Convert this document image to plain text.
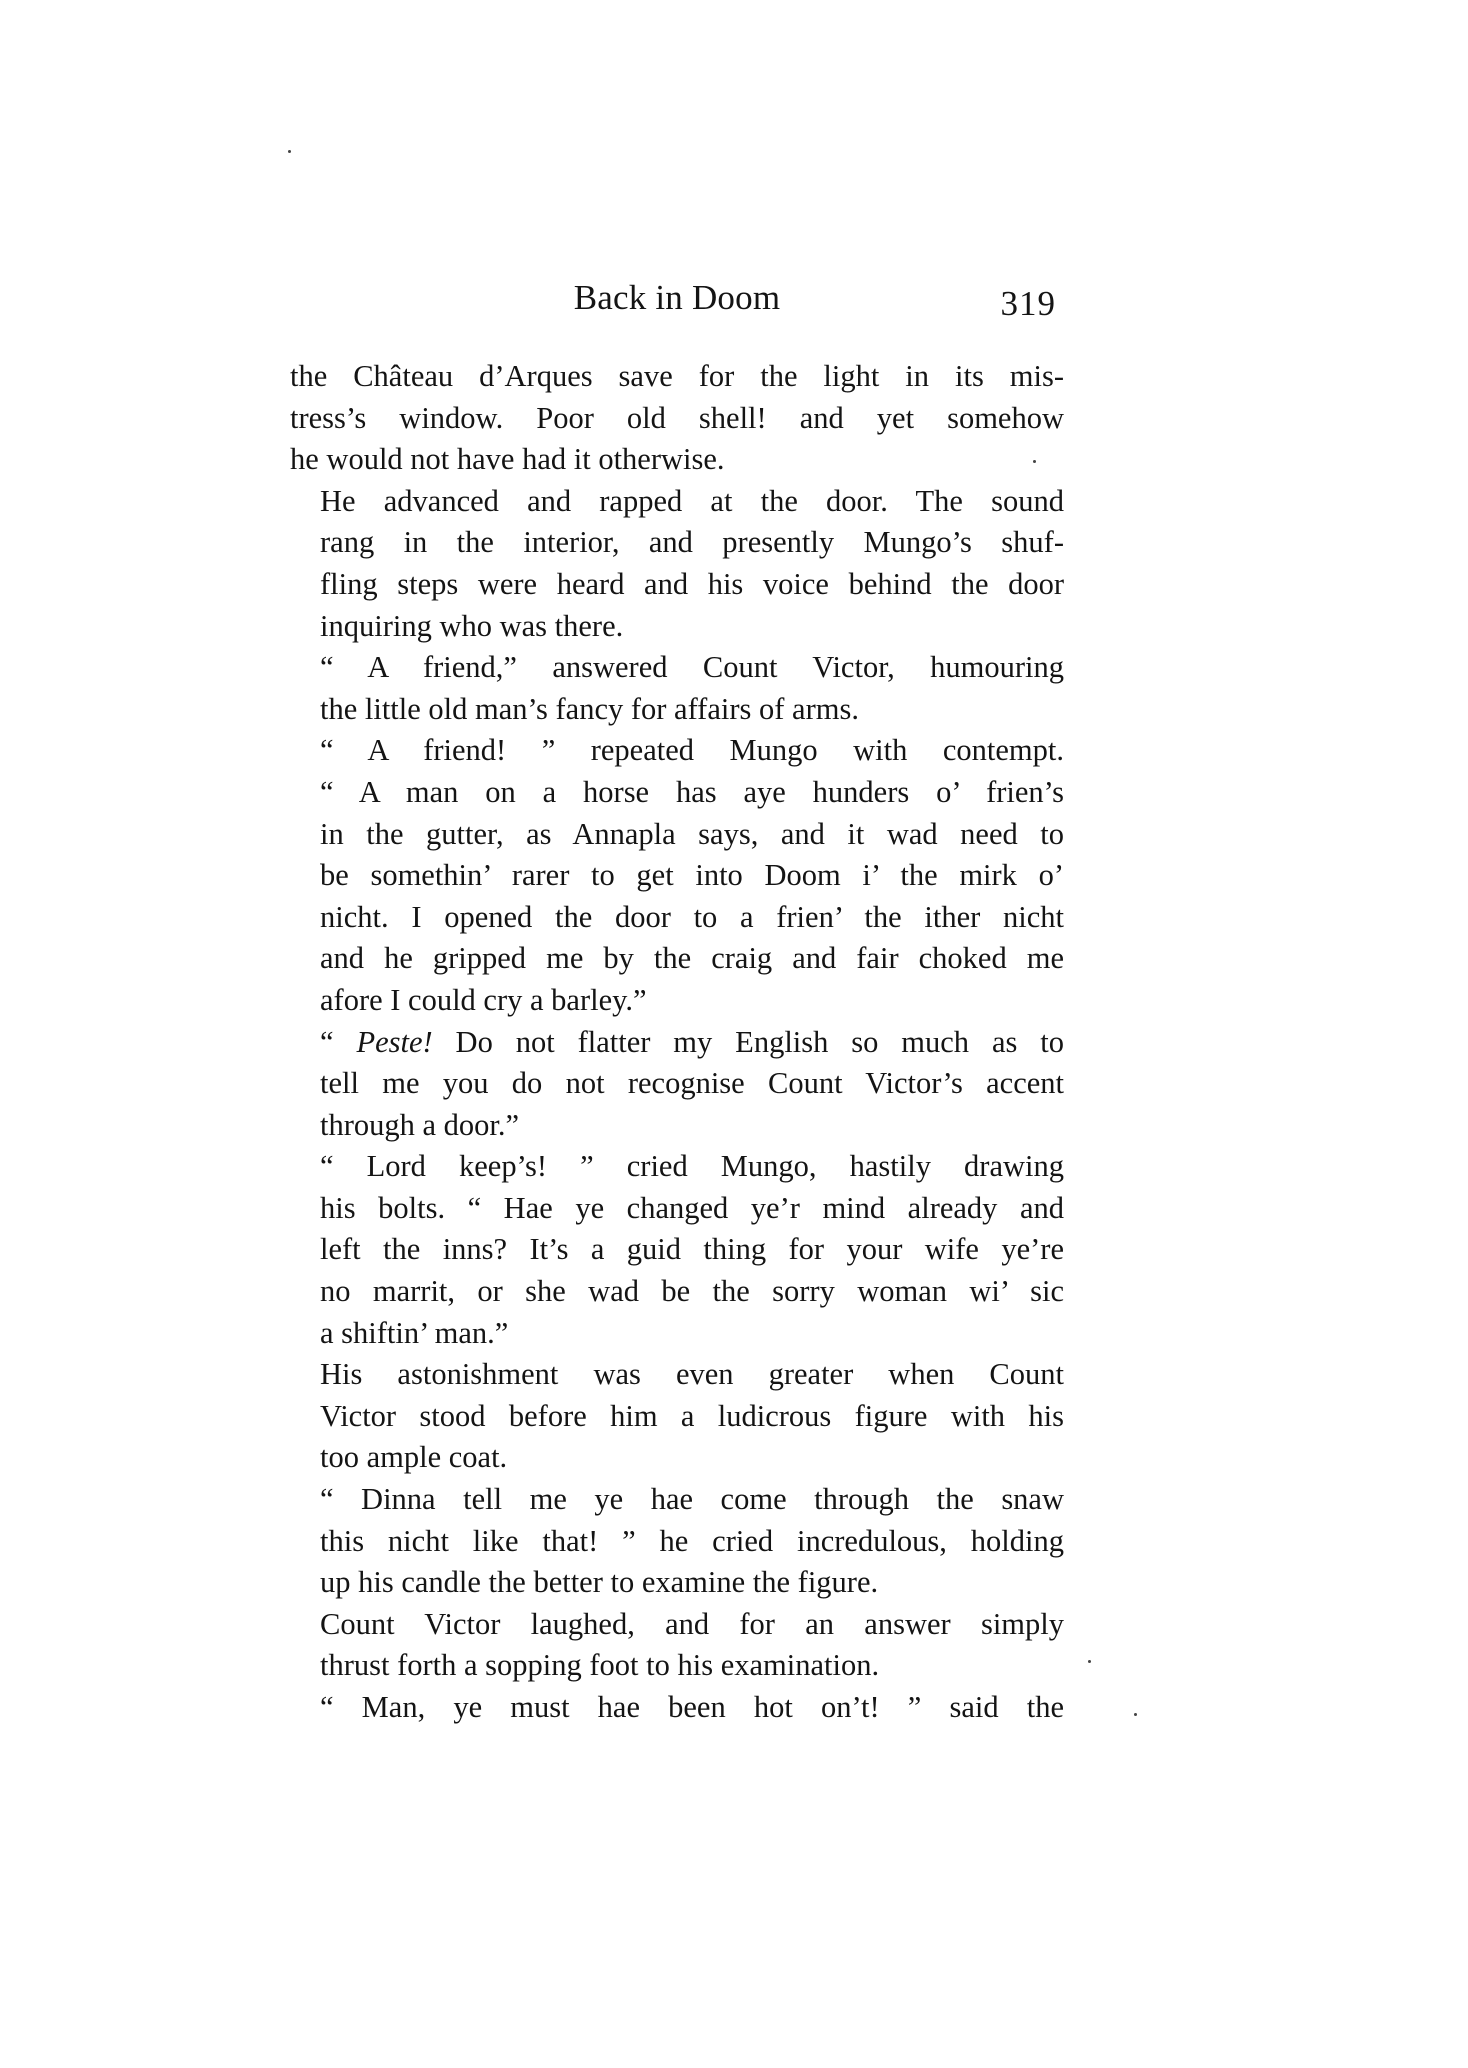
Back in Doom	319

the Château d’Arques save for the light in its mis-
tress’s window. Poor old shell! and yet somehow
he would not have had it otherwise.

He advanced and rapped at the door. The sound
rang in the interior, and presently Mungo’s shuf-
fling steps were heard and his voice behind the door
inquiring who was there.

“ A friend,” answered Count Victor, humouring
the little old man’s fancy for affairs of arms.

“ A friend! ” repeated Mungo with contempt.
“ A man on a horse has aye hunders o’ frien’s
in the gutter, as Annapla says, and it wad need to
be somethin’ rarer to get into Doom i’ the mirk o’
nicht. I opened the door to a frien’ the ither nicht
and he gripped me by the craig and fair choked me
afore I could cry a barley.”

“ Peste! Do not flatter my English so much as to
tell me you do not recognise Count Victor’s accent
through a door.”

“ Lord keep’s! ” cried Mungo, hastily drawing
his bolts. “ Hae ye changed ye’r mind already and
left the inns? It’s a guid thing for your wife ye’re
no marrit, or she wad be the sorry woman wi’ sic
a shiftin’ man.”

His astonishment was even greater when Count
Victor stood before him a ludicrous figure with his
too ample coat.

“ Dinna tell me ye hae come through the snaw
this nicht like that! ” he cried incredulous, holding
up his candle the better to examine the figure.

Count Victor laughed, and for an answer simply
thrust forth a sopping foot to his examination.

“ Man, ye must hae been hot on’t! ” said the
